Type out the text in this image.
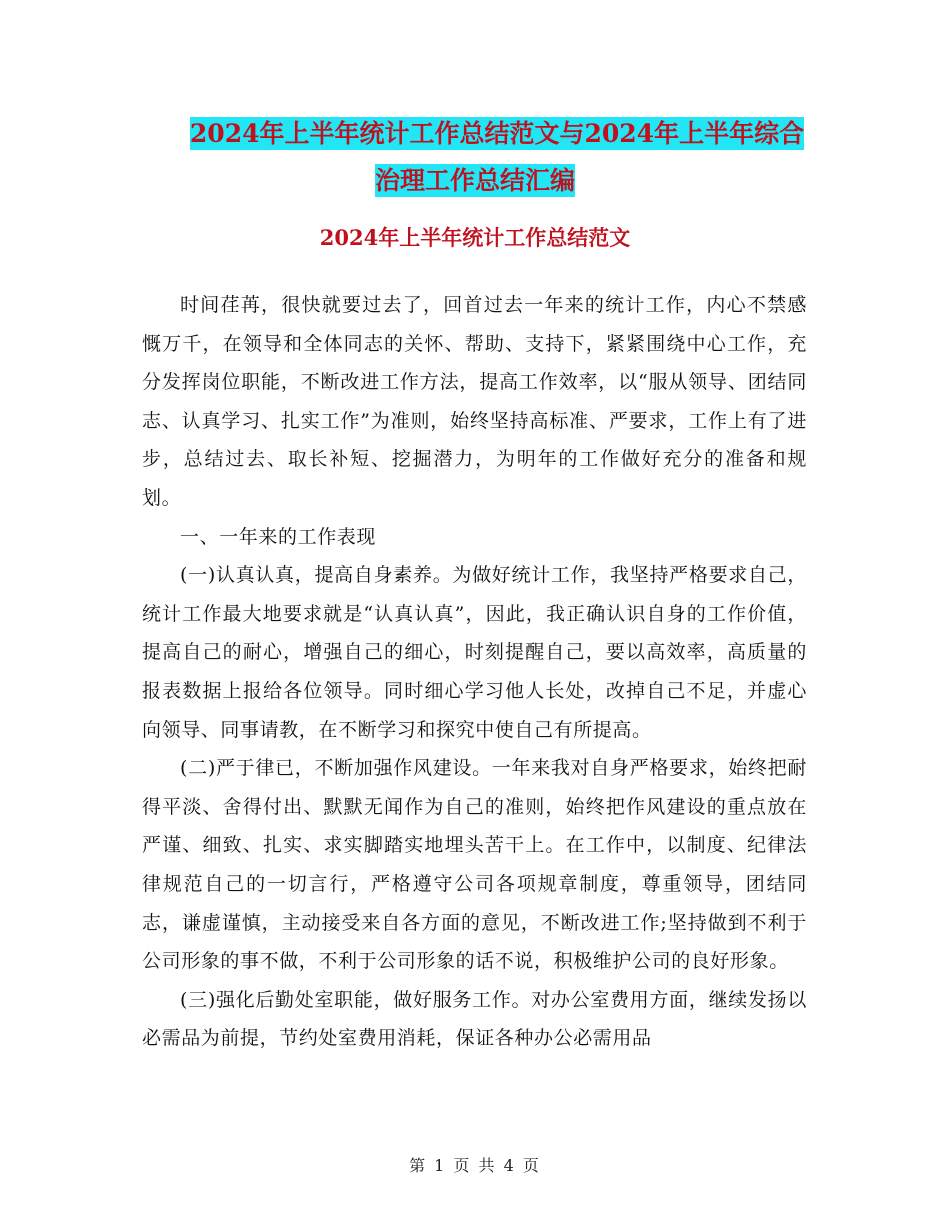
2024年上半年统计工作总结范文与2024年上半年综合
治理工作总结汇编
2024年上半年统计工作总结范文

时间荏苒，很快就要过去了，回首过去一年来的统计工作，内心不禁感慨万千，在领导和全体同志的关怀、帮助、支持下，紧紧围绕中心工作，充分发挥岗位职能，不断改进工作方法，提高工作效率，以“服从领导、团结同志、认真学习、扎实工作”为准则，始终坚持高标准、严要求，工作上有了进步，总结过去、取长补短、挖掘潜力，为明年的工作做好充分的准备和规划。

一、一年来的工作表现

(一)认真认真，提高自身素养。为做好统计工作，我坚持严格要求自己，统计工作最大地要求就是“认真认真”，因此，我正确认识自身的工作价值，提高自己的耐心，增强自己的细心，时刻提醒自己，要以高效率，高质量的报表数据上报给各位领导。同时细心学习他人长处，改掉自己不足，并虚心向领导、同事请教，在不断学习和探究中使自己有所提高。

(二)严于律已，不断加强作风建设。一年来我对自身严格要求，始终把耐得平淡、舍得付出、默默无闻作为自己的准则，始终把作风建设的重点放在严谨、细致、扎实、求实脚踏实地埋头苦干上。在工作中，以制度、纪律法律规范自己的一切言行，严格遵守公司各项规章制度，尊重领导，团结同志，谦虚谨慎，主动接受来自各方面的意见，不断改进工作;坚持做到不利于公司形象的事不做，不利于公司形象的话不说，积极维护公司的良好形象。

(三)强化后勤处室职能，做好服务工作。对办公室费用方面，继续发扬以必需品为前提，节约处室费用消耗，保证各种办公必需用品

第 1 页 共 4 页
